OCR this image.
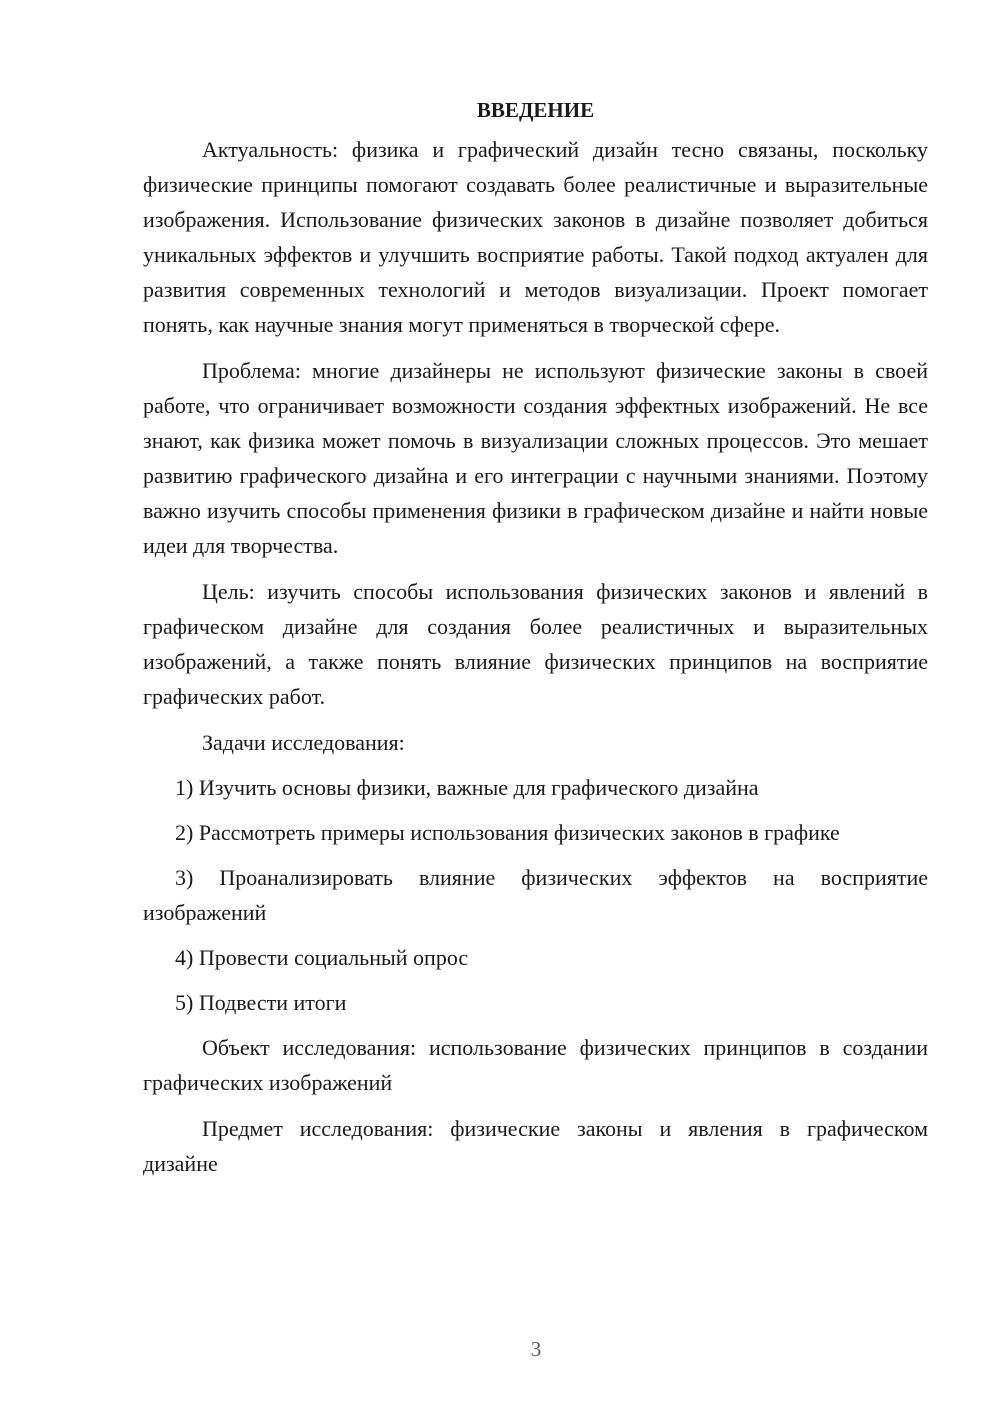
ВВЕДЕНИЕ

Актуальность: физика и графический дизайн тесно связаны, поскольку физические принципы помогают создавать более реалистичные и выразительные изображения. Использование физических законов в дизайне позволяет добиться уникальных эффектов и улучшить восприятие работы. Такой подход актуален для развития современных технологий и методов визуализации. Проект помогает понять, как научные знания могут применяться в творческой сфере.

Проблема: многие дизайнеры не используют физические законы в своей работе, что ограничивает возможности создания эффектных изображений. Не все знают, как физика может помочь в визуализации сложных процессов. Это мешает развитию графического дизайна и его интеграции с научными знаниями. Поэтому важно изучить способы применения физики в графическом дизайне и найти новые идеи для творчества.

Цель: изучить способы использования физических законов и явлений в графическом дизайне для создания более реалистичных и выразительных изображений, а также понять влияние физических принципов на восприятие графических работ.

Задачи исследования:

1) Изучить основы физики, важные для графического дизайна

2) Рассмотреть примеры использования физических законов в графике

3) Проанализировать влияние физических эффектов на восприятие изображений

4) Провести социальный опрос

5) Подвести итоги

Объект исследования: использование физических принципов в создании графических изображений

Предмет исследования: физические законы и явления в графическом дизайне

3
